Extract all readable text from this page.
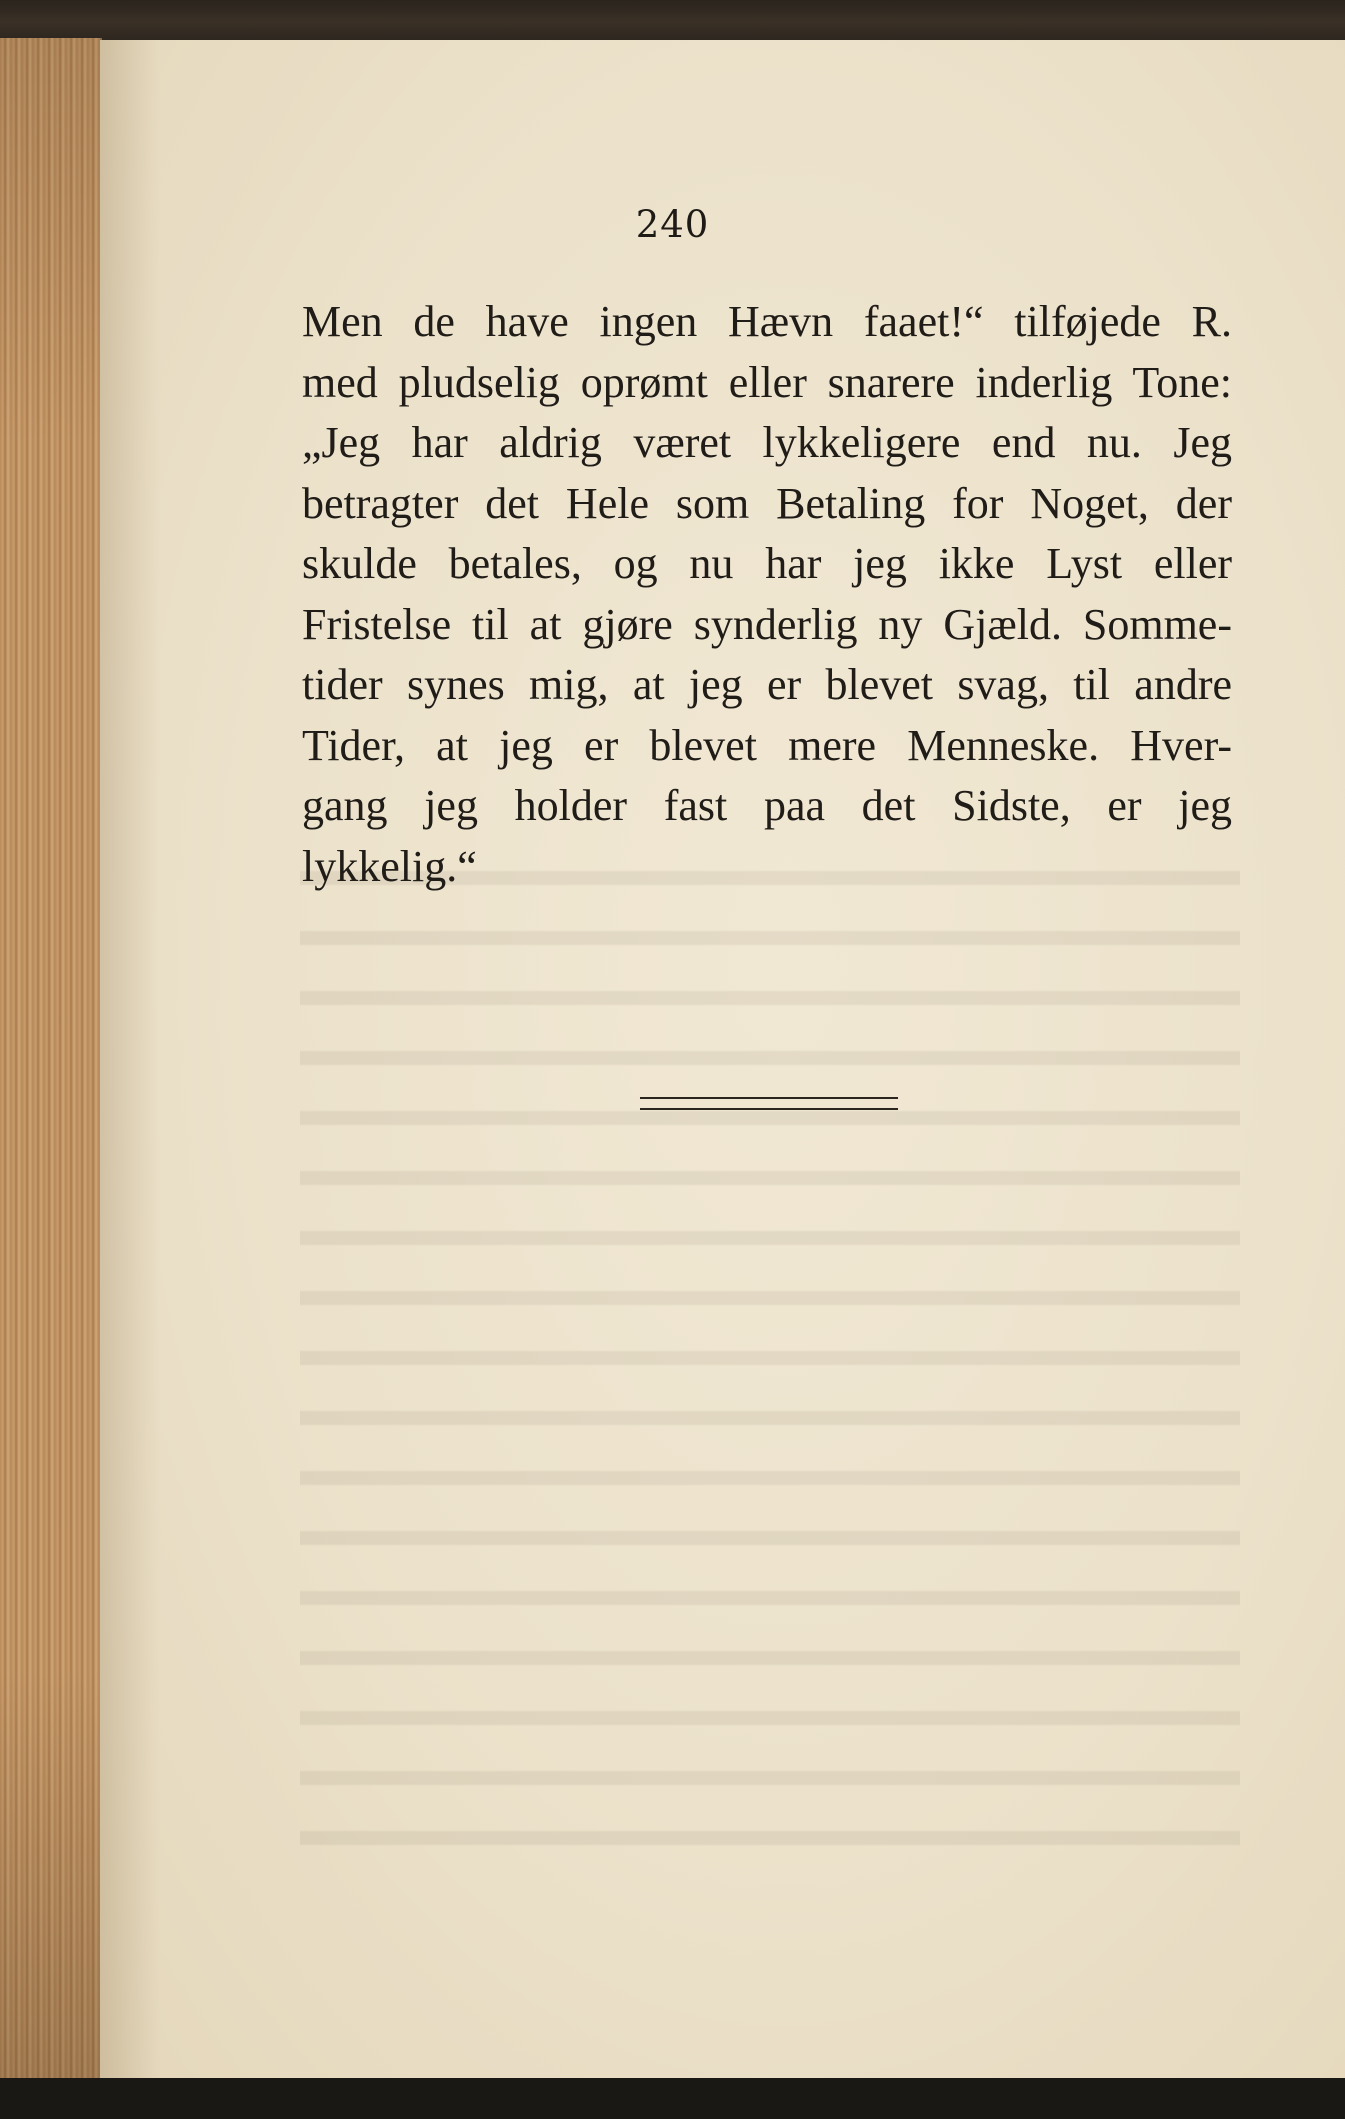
240
Men de have ingen Hævn faaet!“ tilføjede R.
med pludselig oprømt eller snarere inderlig Tone:
„Jeg har aldrig været lykkeligere end nu. Jeg
betragter det Hele som Betaling for Noget, der
skulde betales, og nu har jeg ikke Lyst eller
Fristelse til at gjøre synderlig ny Gjæld. Somme-
tider synes mig, at jeg er blevet svag, til andre
Tider, at jeg er blevet mere Menneske. Hver-
gang jeg holder fast paa det Sidste, er jeg
lykkelig.“
